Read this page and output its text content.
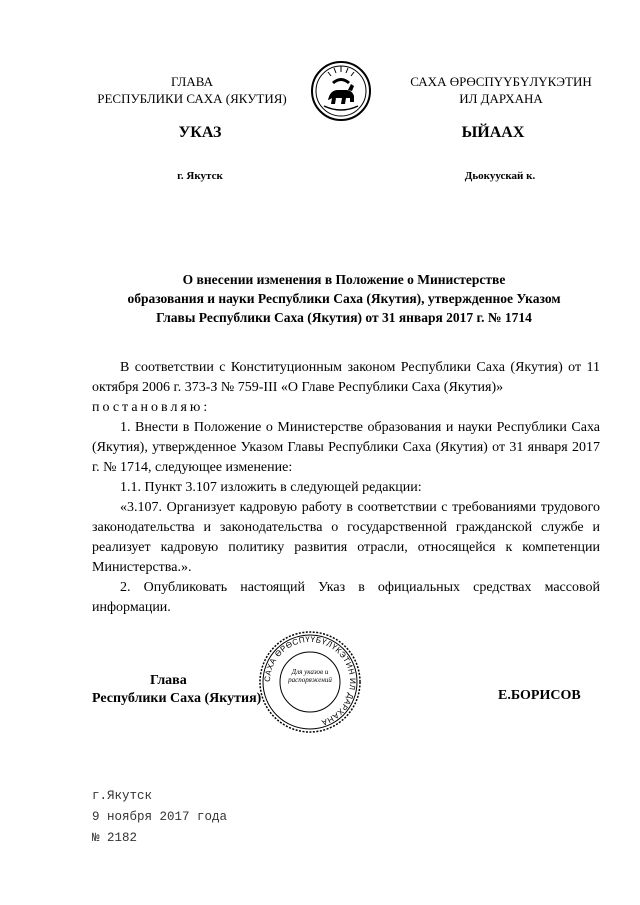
ГЛАВА
РЕСПУБЛИКИ САХА (ЯКУТИЯ)
САХА ӨРӨСПҮҮБҮЛҮКЭТИН
ИЛ ДАРХАНА
УКАЗ	ЫЙААХ
г. Якутск	Дьокуускай к.
О внесении изменения в Положение о Министерстве
образования и науки Республики Саха (Якутия), утвержденное Указом
Главы Республики Саха (Якутия) от 31 января 2017 г. № 1714

В соответствии с Конституционным законом Республики Саха (Якутия) от 11 октября 2006 г. 373-З № 759-III «О Главе Республики Саха (Якутия)»

постановляю:

1. Внести в Положение о Министерстве образования и науки Республики Саха (Якутия), утвержденное Указом Главы Республики Саха (Якутия) от 31 января 2017 г. № 1714, следующее изменение:

1.1. Пункт 3.107 изложить в следующей редакции:

«3.107. Организует кадровую работу в соответствии с требованиями трудового законодательства и законодательства о государственной гражданской службе и реализует кадровую политику развития отрасли, относящейся к компетенции Министерства.».

2. Опубликовать настоящий Указ в официальных средствах массовой информации.

Глава
Республики Саха (Якутия)
САХА ӨРӨСПҮҮБҮЛҮКЭТИН ИЛ ДАРХАНА
Для указов и распоряжений
Е.БОРИСОВ
г.Якутск
9 ноября 2017 года
№ 2182
